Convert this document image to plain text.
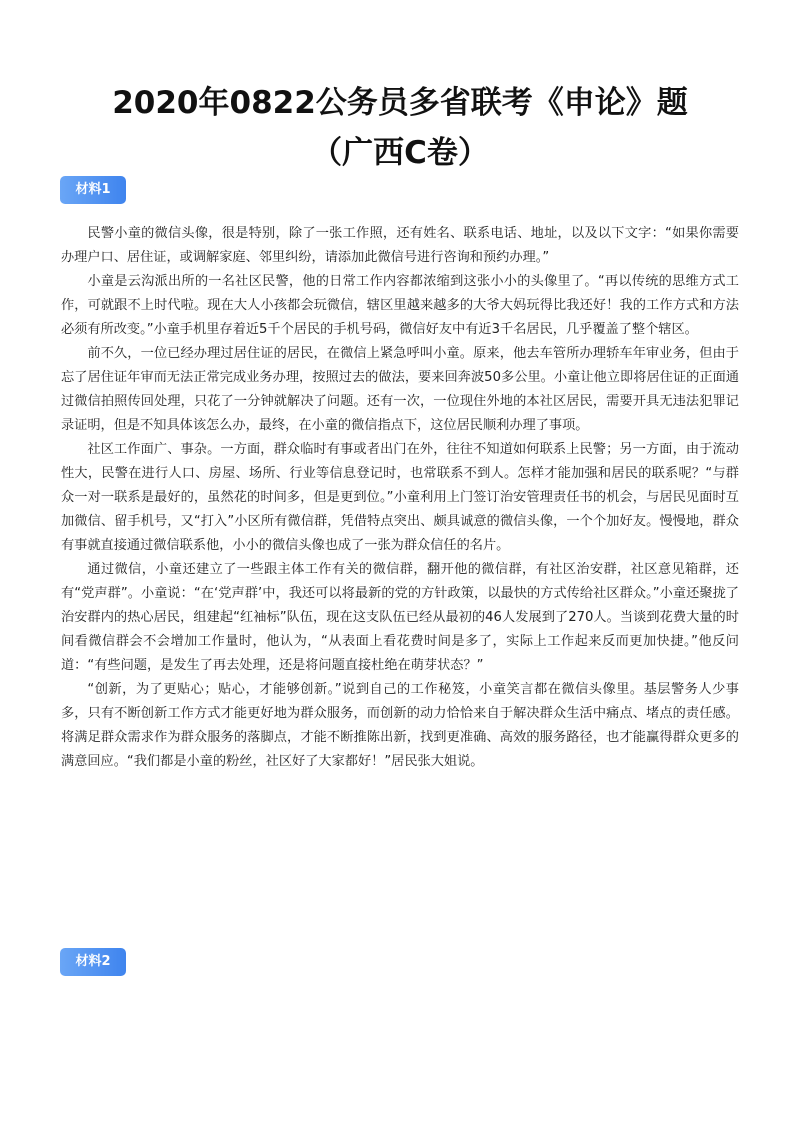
2020年0822公务员多省联考《申论》题
（广西C卷）
材料1

民警小童的微信头像，很是特别，除了一张工作照，还有姓名、联系电话、地址，以及以下文字：“如果你需要办理户口、居住证，或调解家庭、邻里纠纷，请添加此微信号进行咨询和预约办理。”

小童是云沟派出所的一名社区民警，他的日常工作内容都浓缩到这张小小的头像里了。“再以传统的思维方式工作，可就跟不上时代啦。现在大人小孩都会玩微信，辖区里越来越多的大爷大妈玩得比我还好！我的工作方式和方法必须有所改变。”小童手机里存着近5千个居民的手机号码，微信好友中有近3千名居民，几乎覆盖了整个辖区。

前不久，一位已经办理过居住证的居民，在微信上紧急呼叫小童。原来，他去车管所办理轿车年审业务，但由于忘了居住证年审而无法正常完成业务办理，按照过去的做法，要来回奔波50多公里。小童让他立即将居住证的正面通过微信拍照传回处理，只花了一分钟就解决了问题。还有一次，一位现住外地的本社区居民，需要开具无违法犯罪记录证明，但是不知具体该怎么办，最终，在小童的微信指点下，这位居民顺利办理了事项。

社区工作面广、事杂。一方面，群众临时有事或者出门在外，往往不知道如何联系上民警；另一方面，由于流动性大，民警在进行人口、房屋、场所、行业等信息登记时，也常联系不到人。怎样才能加强和居民的联系呢？“与群众一对一联系是最好的，虽然花的时间多，但是更到位。”小童利用上门签订治安管理责任书的机会，与居民见面时互加微信、留手机号，又“打入”小区所有微信群，凭借特点突出、颇具诚意的微信头像，一个个加好友。慢慢地，群众有事就直接通过微信联系他，小小的微信头像也成了一张为群众信任的名片。

通过微信，小童还建立了一些跟主体工作有关的微信群，翻开他的微信群，有社区治安群，社区意见箱群，还有“党声群”。小童说：“在‘党声群’中，我还可以将最新的党的方针政策，以最快的方式传给社区群众。”小童还聚拢了治安群内的热心居民，组建起“红袖标”队伍，现在这支队伍已经从最初的46人发展到了270人。当谈到花费大量的时间看微信群会不会增加工作量时，他认为，“从表面上看花费时间是多了，实际上工作起来反而更加快捷。”他反问道：“有些问题，是发生了再去处理，还是将问题直接杜绝在萌芽状态？”

“创新，为了更贴心；贴心，才能够创新。”说到自己的工作秘笈，小童笑言都在微信头像里。基层警务人少事多，只有不断创新工作方式才能更好地为群众服务，而创新的动力恰恰来自于解决群众生活中痛点、堵点的责任感。将满足群众需求作为群众服务的落脚点，才能不断推陈出新，找到更准确、高效的服务路径，也才能赢得群众更多的满意回应。“我们都是小童的粉丝，社区好了大家都好！”居民张大姐说。

材料2
